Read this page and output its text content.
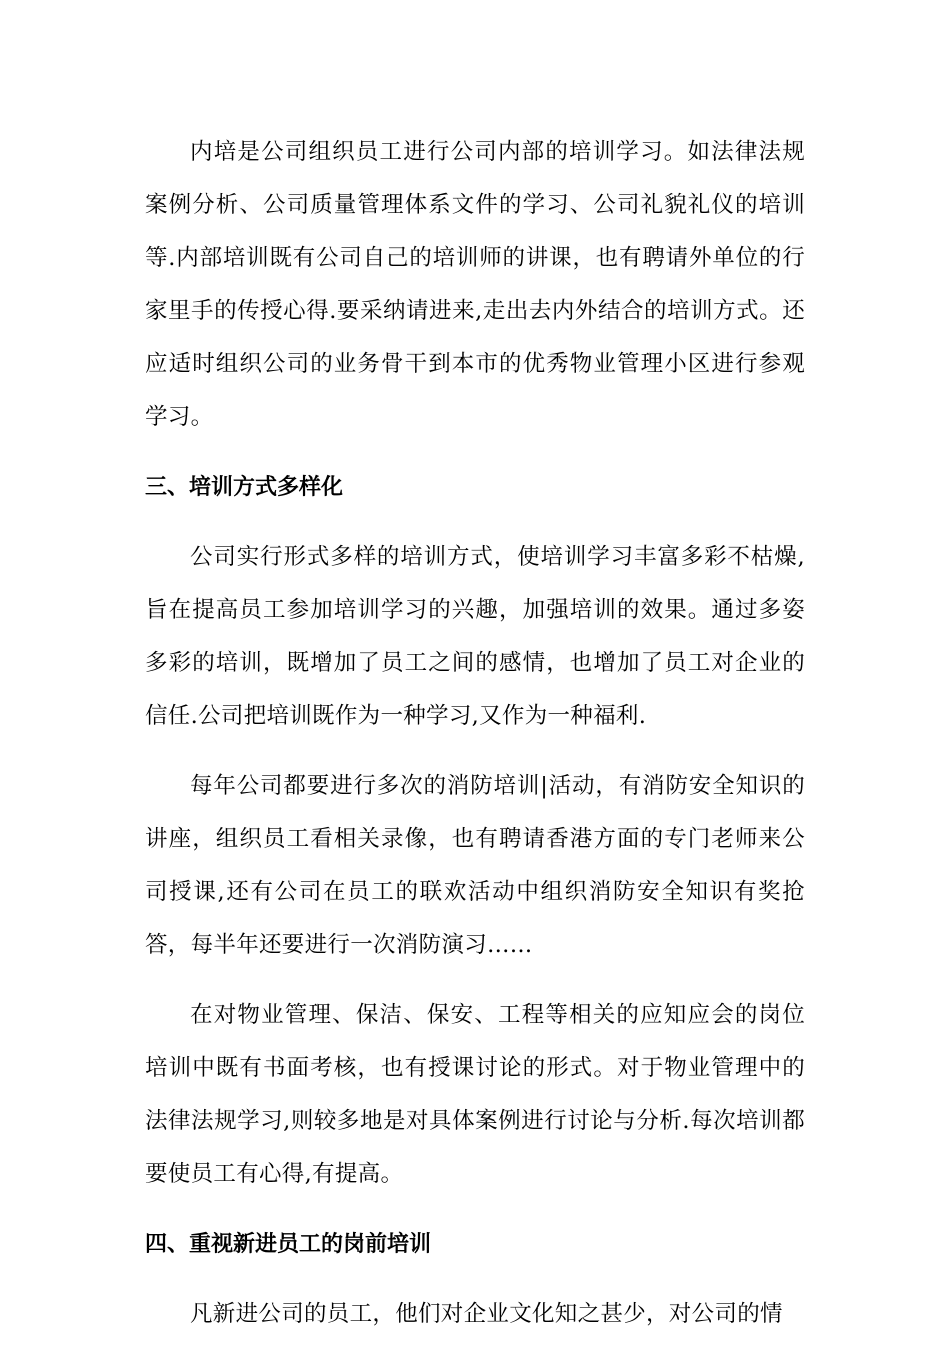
内培是公司组织员工进行公司内部的培训学习。如法律法规案例分析、公司质量管理体系文件的学习、公司礼貌礼仪的培训等.内部培训既有公司自己的培训师的讲课，也有聘请外单位的行家里手的传授心得.要采纳请进来,走出去内外结合的培训方式。还应适时组织公司的业务骨干到本市的优秀物业管理小区进行参观学习。

三、培训方式多样化

公司实行形式多样的培训方式，使培训学习丰富多彩不枯燥,旨在提高员工参加培训学习的兴趣，加强培训的效果。通过多姿多彩的培训，既增加了员工之间的感情，也增加了员工对企业的信任.公司把培训既作为一种学习,又作为一种福利.

每年公司都要进行多次的消防培训|活动，有消防安全知识的讲座，组织员工看相关录像，也有聘请香港方面的专门老师来公司授课,还有公司在员工的联欢活动中组织消防安全知识有奖抢答，每半年还要进行一次消防演习……

在对物业管理、保洁、保安、工程等相关的应知应会的岗位培训中既有书面考核，也有授课讨论的形式。对于物业管理中的法律法规学习,则较多地是对具体案例进行讨论与分析.每次培训都要使员工有心得,有提高。

四、重视新进员工的岗前培训

凡新进公司的员工，他们对企业文化知之甚少，对公司的情
